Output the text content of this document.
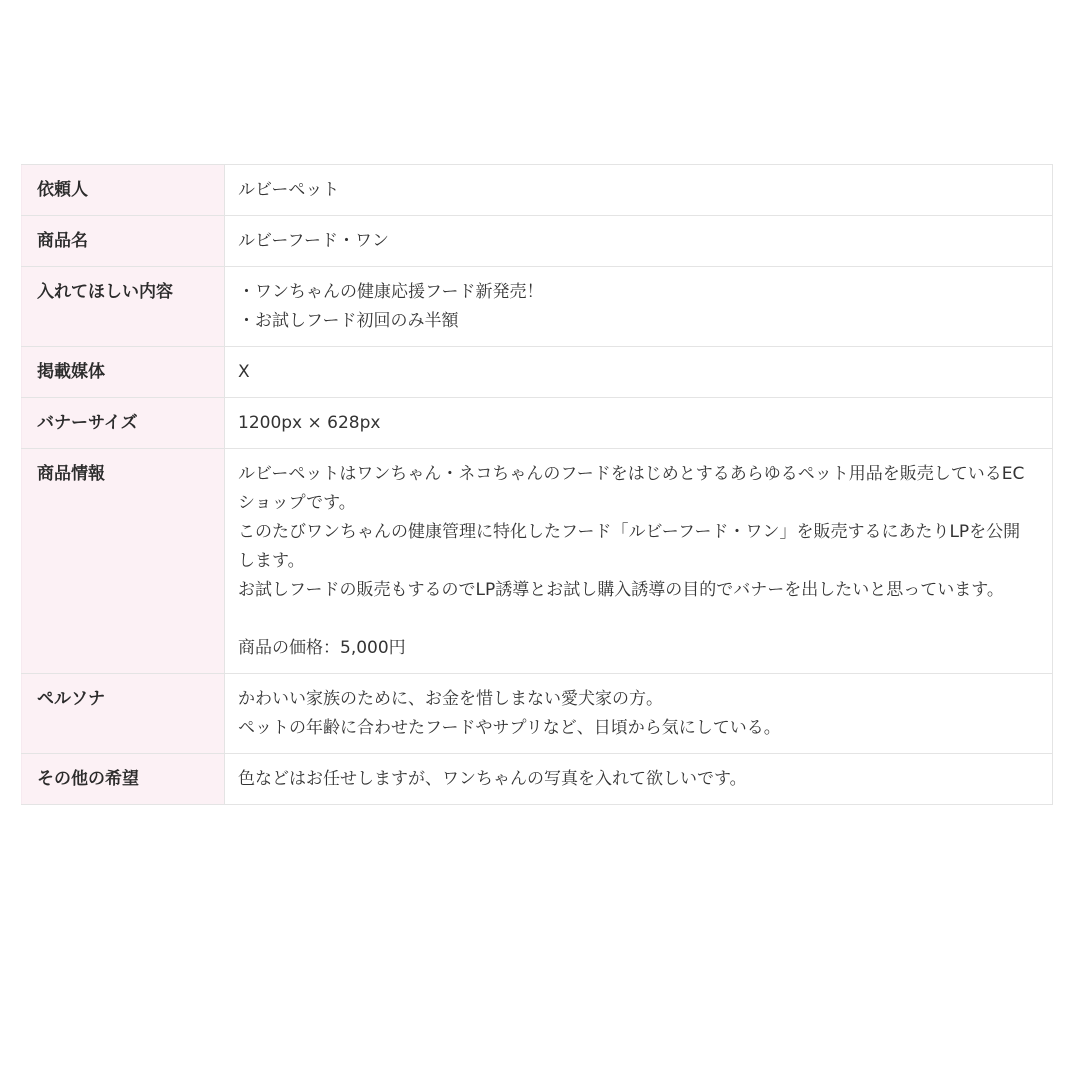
依頼人	ルビーペット

商品名	ルビーフード・ワン

入れてほしい内容	・ワンちゃんの健康応援フード新発売！
・お試しフード初回のみ半額

掲載媒体	X

バナーサイズ	1200px × 628px

商品情報	ルビーペットはワンちゃん・ネコちゃんのフードをはじめとするあらゆるペット用品を販売しているECショップです。
このたびワンちゃんの健康管理に特化したフード「ルビーフード・ワン」を販売するにあたりLPを公開します。
お試しフードの販売もするのでLP誘導とお試し購入誘導の目的でバナーを出したいと思っています。
商品の価格：5,000円

ペルソナ	かわいい家族のために、お金を惜しまない愛犬家の方。
ペットの年齢に合わせたフードやサプリなど、日頃から気にしている。

その他の希望	色などはお任せしますが、ワンちゃんの写真を入れて欲しいです。
